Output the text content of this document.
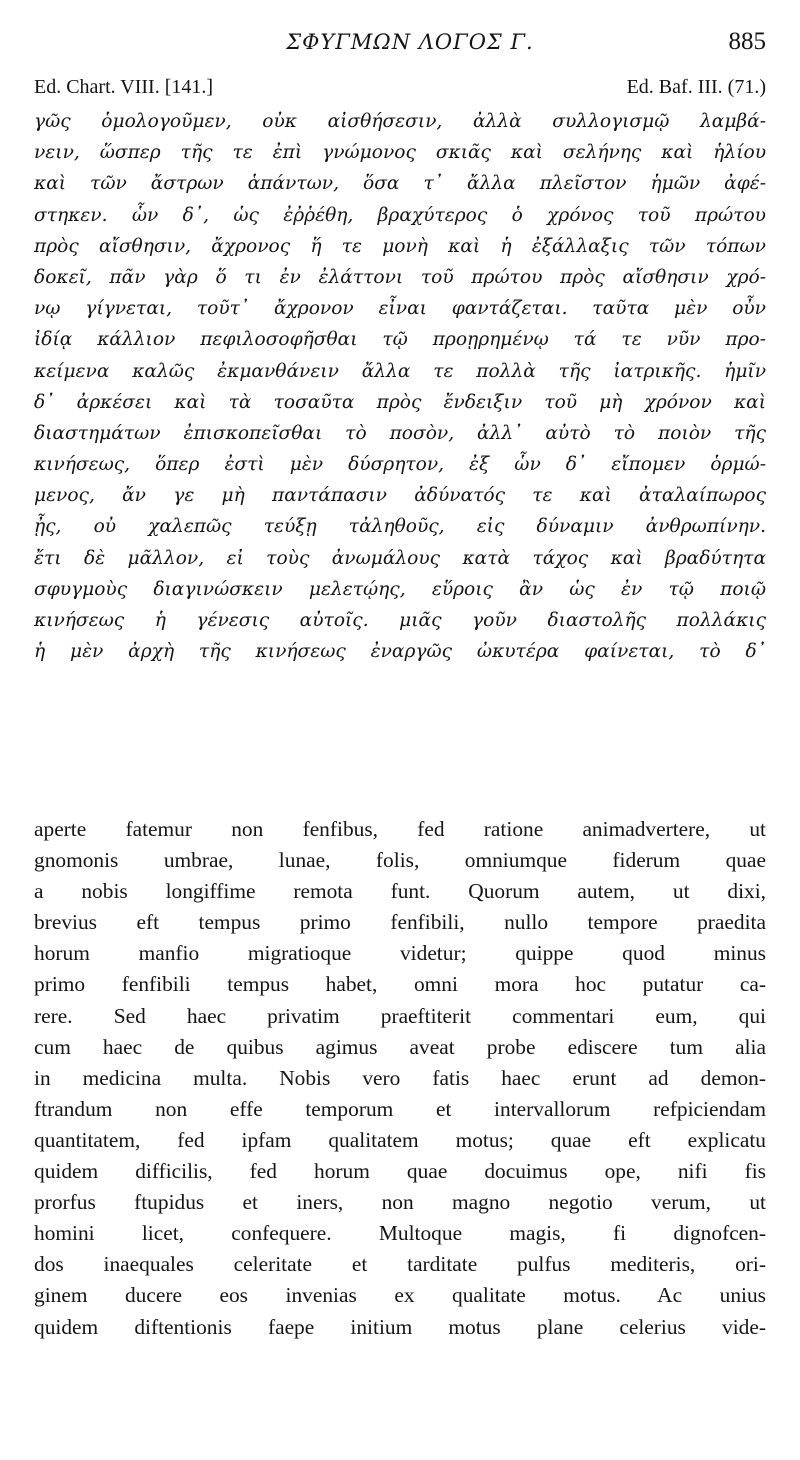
ΣΦΥΓΜΩΝ ΛΟΓΟΣ Γ.	885
Ed. Chart. VIII. [141.]	Ed. Baf. III. (71.)
γῶς ὁμολογοῦμεν, οὐκ αἰσθήσεσιν, ἀλλὰ συλλογισμῷ λαμβά-
νειν, ὥσπερ τῆς τε ἐπὶ γνώμονος σκιᾶς καὶ σελήνης καὶ ἡλίου
καὶ τῶν ἄστρων ἁπάντων, ὅσα τ᾽ ἄλλα πλεῖστον ἡμῶν ἀφέ-
στηκεν. ὧν δ᾽, ὡς ἐῤῥέθη, βραχύτερος ὁ χρόνος τοῦ πρώτου
πρὸς αἴσθησιν, ἄχρονος ἥ τε μονὴ καὶ ἡ ἐξάλλαξις τῶν τόπων
δοκεῖ, πᾶν γὰρ ὅ τι ἐν ἐλάττονι τοῦ πρώτου πρὸς αἴσθησιν χρό-
νῳ γίγνεται, τοῦτ᾽ ἄχρονον εἶναι φαντάζεται. ταῦτα μὲν οὖν
ἰδίᾳ κάλλιον πεφιλοσοφῆσθαι τῷ προῃρημένῳ τά τε νῦν προ-
κείμενα καλῶς ἐκμανθάνειν ἄλλα τε πολλὰ τῆς ἰατρικῆς. ἡμῖν
δ᾽ ἀρκέσει καὶ τὰ τοσαῦτα πρὸς ἔνδειξιν τοῦ μὴ χρόνον καὶ
διαστημάτων ἐπισκοπεῖσθαι τὸ ποσὸν, ἀλλ᾽ αὐτὸ τὸ ποιὸν τῆς
κινήσεως, ὅπερ ἐστὶ μὲν δύσρητον, ἐξ ὧν δ᾽ εἴπομεν ὁρμώ-
μενος, ἄν γε μὴ παντάπασιν ἀδύνατός τε καὶ ἀταλαίπωρος
ᾖς, οὐ χαλεπῶς τεύξῃ τἀληθοῦς, εἰς δύναμιν ἀνθρωπίνην.
ἔτι δὲ μᾶλλον, εἰ τοὺς ἀνωμάλους κατὰ τάχος καὶ βραδύτητα
σφυγμοὺς διαγινώσκειν μελετῴης, εὕροις ἂν ὡς ἐν τῷ ποιῷ
κινήσεως ἡ γένεσις αὐτοῖς. μιᾶς γοῦν διαστολῆς πολλάκις
ἡ μὲν ἀρχὴ τῆς κινήσεως ἐναργῶς ὠκυτέρα φαίνεται, τὸ δ᾽
aperte fatemur non fenfibus, fed ratione animadvertere, ut
gnomonis umbrae, lunae, folis, omniumque fiderum quae
a nobis longiffime remota funt. Quorum autem, ut dixi,
brevius eft tempus primo fenfibili, nullo tempore praedita
horum manfio migratioque videtur; quippe quod minus
primo fenfibili tempus habet, omni mora hoc putatur ca-
rere. Sed haec privatim praeftiterit commentari eum, qui
cum haec de quibus agimus aveat probe ediscere tum alia
in medicina multa. Nobis vero fatis haec erunt ad demon-
ftrandum non effe temporum et intervallorum refpiciendam
quantitatem, fed ipfam qualitatem motus; quae eft explicatu
quidem difficilis, fed horum quae docuimus ope, nifi fis
prorfus ftupidus et iners, non magno negotio verum, ut
homini licet, confequere. Multoque magis, fi dignofcen-
dos inaequales celeritate et tarditate pulfus mediteris, ori-
ginem ducere eos invenias ex qualitate motus. Ac unius
quidem diftentionis faepe initium motus plane celerius vide-
